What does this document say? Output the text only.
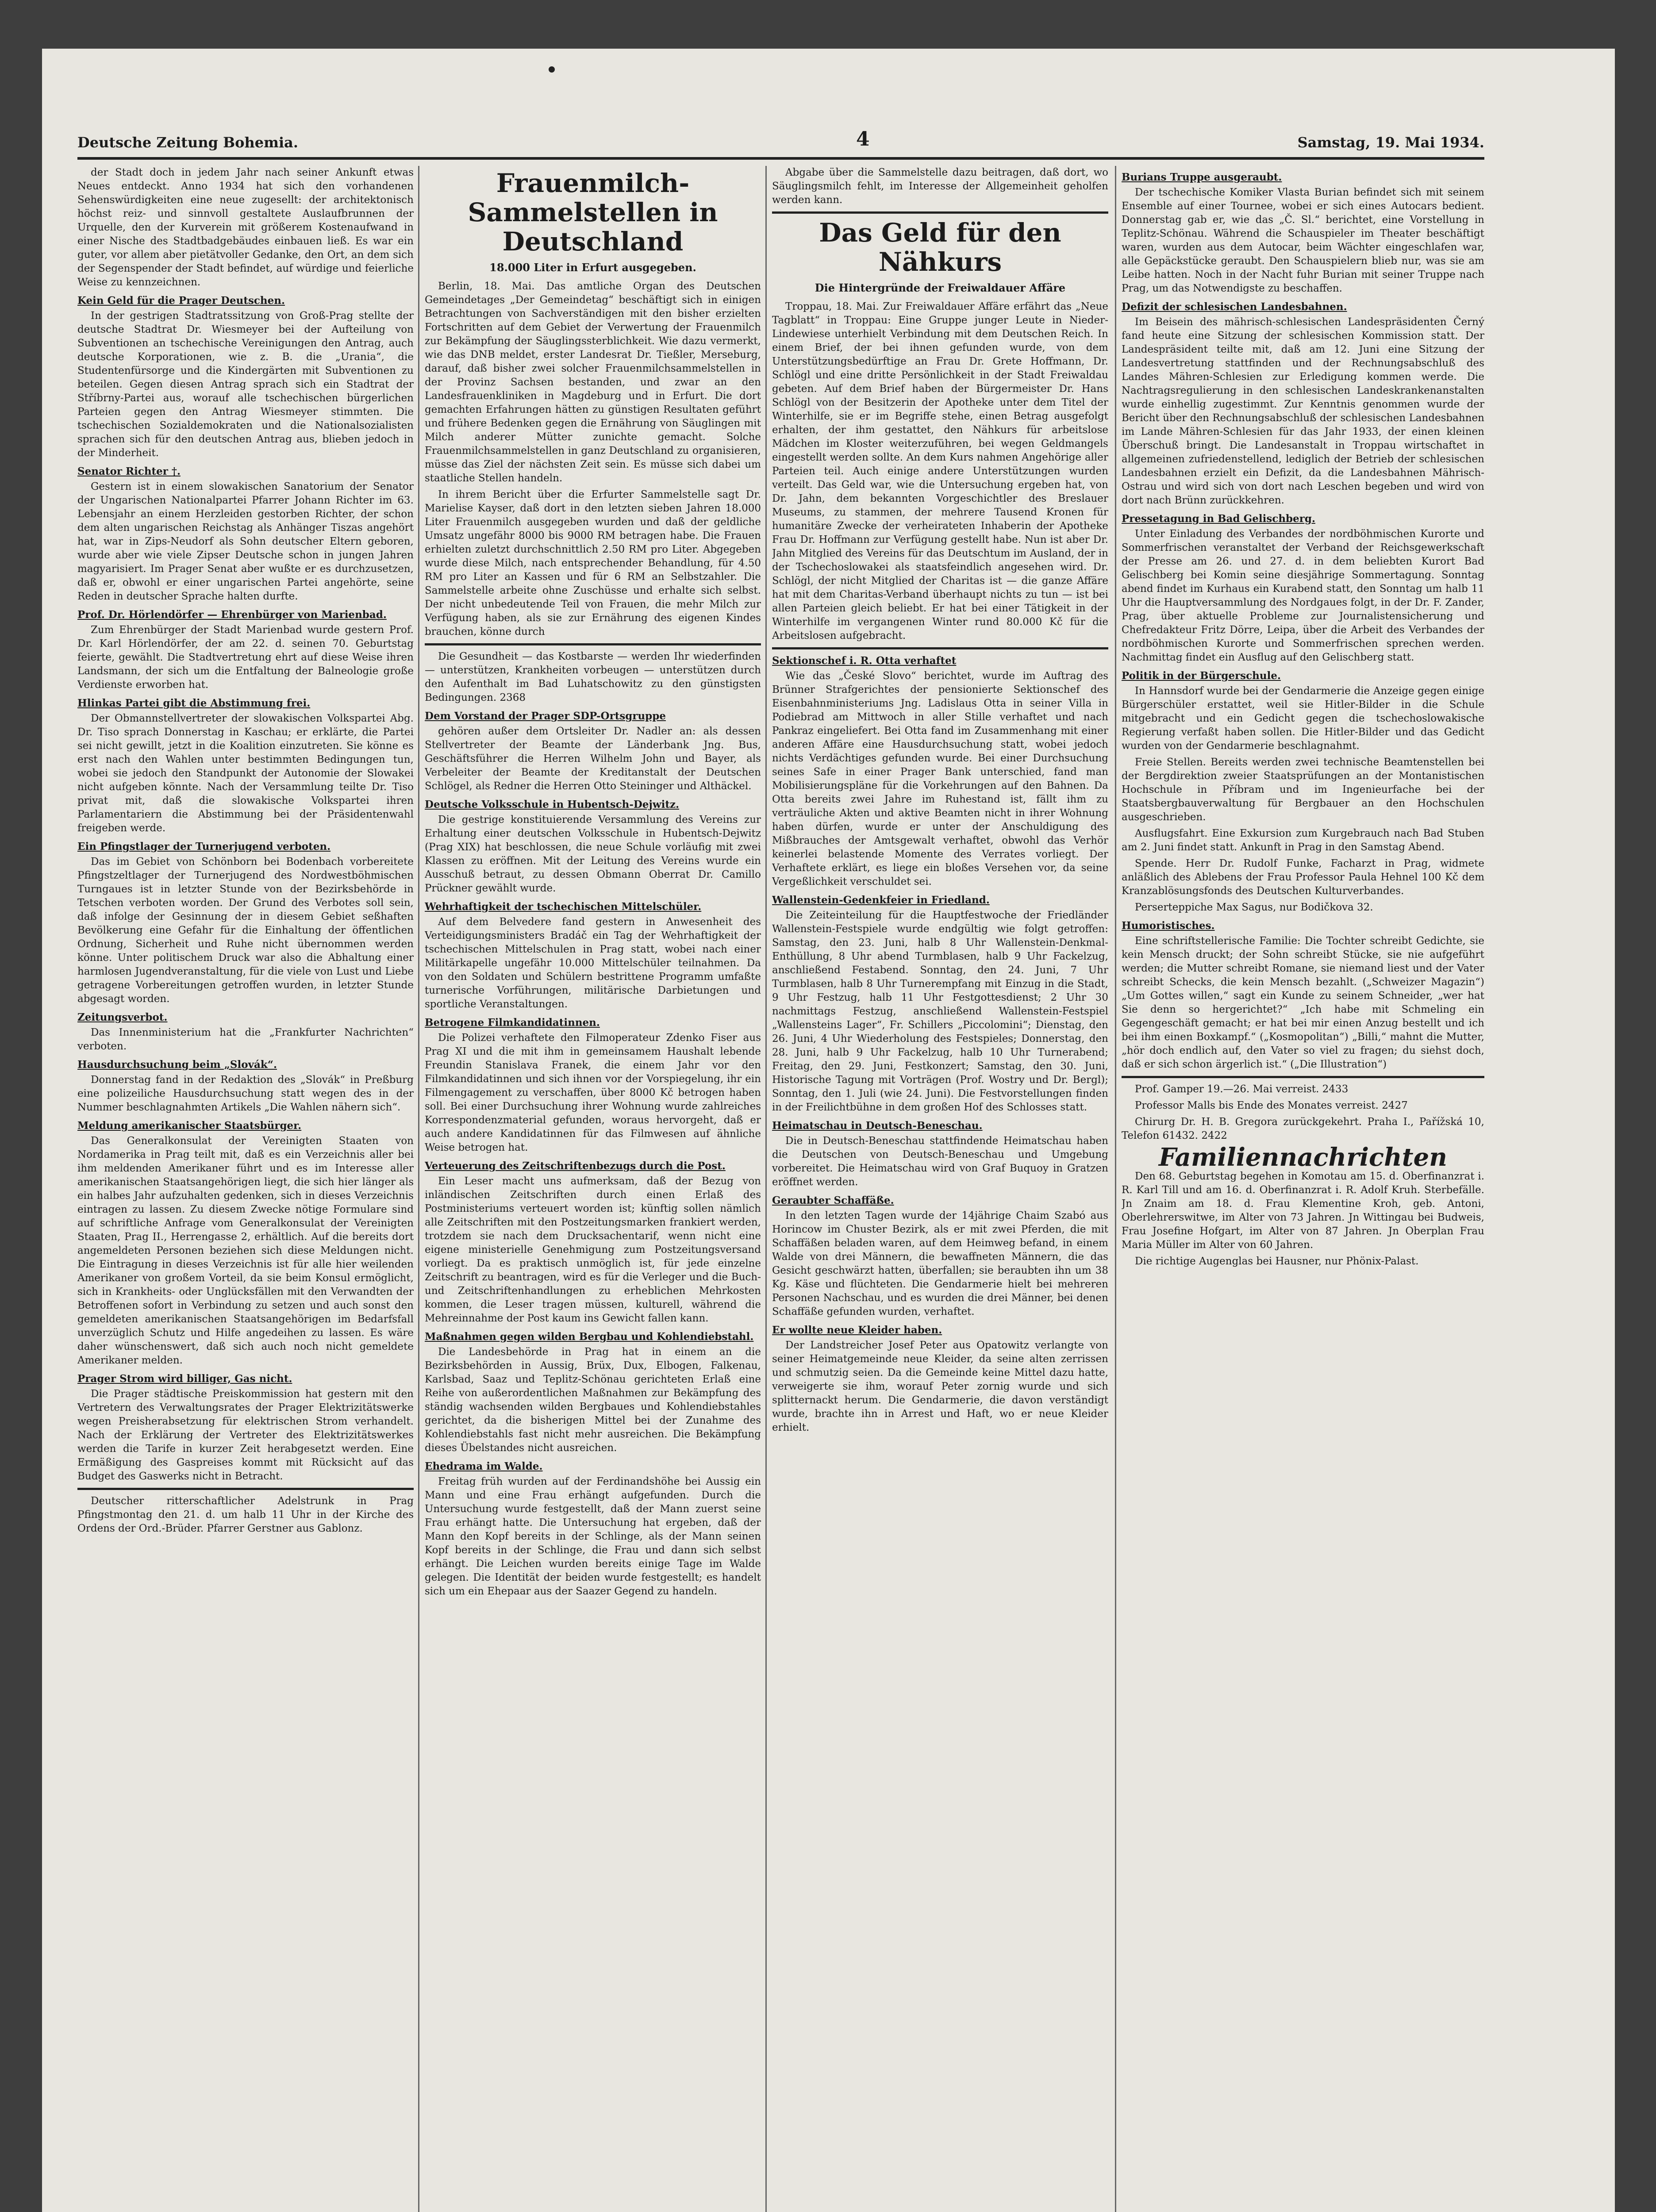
Deutsche Zeitung Bohemia.	4	Samstag, 19. Mai 1934.

der Stadt doch in jedem Jahr nach seiner Ankunft etwas Neues entdeckt. Anno 1934 hat sich den vorhandenen Sehenswürdigkeiten eine neue zugesellt: der architektonisch höchst reiz- und sinnvoll gestaltete Auslaufbrunnen der Urquelle, den der Kurverein mit größerem Kostenaufwand in einer Nische des Stadtbadgebäudes einbauen ließ. Es war ein guter, vor allem aber pietätvoller Gedanke, den Ort, an dem sich der Segenspender der Stadt befindet, auf würdige und feierliche Weise zu kennzeichnen.

Kein Geld für die Prager Deutschen.

In der gestrigen Stadtratssitzung von Groß-Prag stellte der deutsche Stadtrat Dr. Wiesmeyer bei der Aufteilung von Subventionen an tschechische Vereinigungen den Antrag, auch deutsche Korporationen, wie z. B. die „Urania“, die Studentenfürsorge und die Kindergärten mit Subventionen zu beteilen. Gegen diesen Antrag sprach sich ein Stadtrat der Stříbrny-Partei aus, worauf alle tschechischen bürgerlichen Parteien gegen den Antrag Wiesmeyer stimmten. Die tschechischen Sozialdemokraten und die Nationalsozialisten sprachen sich für den deutschen Antrag aus, blieben jedoch in der Minderheit.

Senator Richter †.

Gestern ist in einem slowakischen Sanatorium der Senator der Ungarischen Nationalpartei Pfarrer Johann Richter im 63. Lebensjahr an einem Herzleiden gestorben Richter, der schon dem alten ungarischen Reichstag als Anhänger Tiszas angehört hat, war in Zips-Neudorf als Sohn deutscher Eltern geboren, wurde aber wie viele Zipser Deutsche schon in jungen Jahren magyarisiert. Im Prager Senat aber wußte er es durchzusetzen, daß er, obwohl er einer ungarischen Partei angehörte, seine Reden in deutscher Sprache halten durfte.

Prof. Dr. Hörlendörfer — Ehrenbürger von Marienbad.

Zum Ehrenbürger der Stadt Marienbad wurde gestern Prof. Dr. Karl Hörlendörfer, der am 22. d. seinen 70. Geburtstag feierte, gewählt. Die Stadtvertretung ehrt auf diese Weise ihren Landsmann, der sich um die Entfaltung der Balneologie große Verdienste erworben hat.

Hlinkas Partei gibt die Abstimmung frei.

Der Obmannstellvertreter der slowakischen Volkspartei Abg. Dr. Tiso sprach Donnerstag in Kaschau; er erklärte, die Partei sei nicht gewillt, jetzt in die Koalition einzutreten. Sie könne es erst nach den Wahlen unter bestimmten Bedingungen tun, wobei sie jedoch den Standpunkt der Autonomie der Slowakei nicht aufgeben könnte. Nach der Versammlung teilte Dr. Tiso privat mit, daß die slowakische Volkspartei ihren Parlamentariern die Abstimmung bei der Präsidentenwahl freigeben werde.

Ein Pfingstlager der Turnerjugend verboten.

Das im Gebiet von Schönborn bei Bodenbach vorbereitete Pfingstzeltlager der Turnerjugend des Nordwestböhmischen Turngaues ist in letzter Stunde von der Bezirksbehörde in Tetschen verboten worden. Der Grund des Verbotes soll sein, daß infolge der Gesinnung der in diesem Gebiet seßhaften Bevölkerung eine Gefahr für die Einhaltung der öffentlichen Ordnung, Sicherheit und Ruhe nicht übernommen werden könne. Unter politischem Druck war also die Abhaltung einer harmlosen Jugendveranstaltung, für die viele von Lust und Liebe getragene Vorbereitungen getroffen wurden, in letzter Stunde abgesagt worden.

Zeitungsverbot.

Das Innenministerium hat die „Frankfurter Nachrichten“ verboten.

Hausdurchsuchung beim „Slovák“.

Donnerstag fand in der Redaktion des „Slovák“ in Preßburg eine polizeiliche Hausdurchsuchung statt wegen des in der Nummer beschlagnahmten Artikels „Die Wahlen nähern sich“.

Meldung amerikanischer Staatsbürger.

Das Generalkonsulat der Vereinigten Staaten von Nordamerika in Prag teilt mit, daß es ein Verzeichnis aller bei ihm meldenden Amerikaner führt und es im Interesse aller amerikanischen Staatsangehörigen liegt, die sich hier länger als ein halbes Jahr aufzuhalten gedenken, sich in dieses Verzeichnis eintragen zu lassen. Zu diesem Zwecke nötige Formulare sind auf schriftliche Anfrage vom Generalkonsulat der Vereinigten Staaten, Prag II., Herrengasse 2, erhältlich. Auf die bereits dort angemeldeten Personen beziehen sich diese Meldungen nicht. Die Eintragung in dieses Verzeichnis ist für alle hier weilenden Amerikaner von großem Vorteil, da sie beim Konsul ermöglicht, sich in Krankheits- oder Unglücksfällen mit den Verwandten der Betroffenen sofort in Verbindung zu setzen und auch sonst den gemeldeten amerikanischen Staatsangehörigen im Bedarfsfall unverzüglich Schutz und Hilfe angedeihen zu lassen. Es wäre daher wünschenswert, daß sich auch noch nicht gemeldete Amerikaner melden.

Prager Strom wird billiger, Gas nicht.

Die Prager städtische Preiskommission hat gestern mit den Vertretern des Verwaltungsrates der Prager Elektrizitätswerke wegen Preisherabsetzung für elektrischen Strom verhandelt. Nach der Erklärung der Vertreter des Elektrizitätswerkes werden die Tarife in kurzer Zeit herabgesetzt werden. Eine Ermäßigung des Gaspreises kommt mit Rücksicht auf das Budget des Gaswerks nicht in Betracht.

Deutscher ritterschaftlicher Adelstrunk in Prag Pfingstmontag den 21. d. um halb 11 Uhr in der Kirche des Ordens der Ord.-Brüder. Pfarrer Gerstner aus Gablonz.

Frauenmilch-Sammelstellen in Deutschland
18.000 Liter in Erfurt ausgegeben.

Berlin, 18. Mai. Das amtliche Organ des Deutschen Gemeindetages „Der Gemeindetag“ beschäftigt sich in einigen Betrachtungen von Sachverständigen mit den bisher erzielten Fortschritten auf dem Gebiet der Verwertung der Frauenmilch zur Bekämpfung der Säuglingssterblichkeit. Wie dazu vermerkt, wie das DNB meldet, erster Landesrat Dr. Tießler, Merseburg, darauf, daß bisher zwei solcher Frauenmilchsammelstellen in der Provinz Sachsen bestanden, und zwar an den Landesfrauenkliniken in Magdeburg und in Erfurt. Die dort gemachten Erfahrungen hätten zu günstigen Resultaten geführt und frühere Bedenken gegen die Ernährung von Säuglingen mit Milch anderer Mütter zunichte gemacht. Solche Frauenmilchsammelstellen in ganz Deutschland zu organisieren, müsse das Ziel der nächsten Zeit sein. Es müsse sich dabei um staatliche Stellen handeln.

In ihrem Bericht über die Erfurter Sammelstelle sagt Dr. Marielise Kayser, daß dort in den letzten sieben Jahren 18.000 Liter Frauenmilch ausgegeben wurden und daß der geldliche Umsatz ungefähr 8000 bis 9000 RM betragen habe. Die Frauen erhielten zuletzt durchschnittlich 2.50 RM pro Liter. Abgegeben wurde diese Milch, nach entsprechender Behandlung, für 4.50 RM pro Liter an Kassen und für 6 RM an Selbstzahler. Die Sammelstelle arbeite ohne Zuschüsse und erhalte sich selbst. Der nicht unbedeutende Teil von Frauen, die mehr Milch zur Verfügung haben, als sie zur Ernährung des eigenen Kindes brauchen, könne durch

Die Gesundheit — das Kostbarste — werden Ihr wiederfinden — unterstützen, Krankheiten vorbeugen — unterstützen durch den Aufenthalt im Bad Luhatschowitz zu den günstigsten Bedingungen. 2368

Dem Vorstand der Prager SDP-Ortsgruppe

gehören außer dem Ortsleiter Dr. Nadler an: als dessen Stellvertreter der Beamte der Länderbank Jng. Bus, Geschäftsführer die Herren Wilhelm John und Bayer, als Verbeleiter der Beamte der Kreditanstalt der Deutschen Schlögel, als Redner die Herren Otto Steininger und Althäckel.

Deutsche Volksschule in Hubentsch-Dejwitz.

Die gestrige konstituierende Versammlung des Vereins zur Erhaltung einer deutschen Volksschule in Hubentsch-Dejwitz (Prag XIX) hat beschlossen, die neue Schule vorläufig mit zwei Klassen zu eröffnen. Mit der Leitung des Vereins wurde ein Ausschuß betraut, zu dessen Obmann Oberrat Dr. Camillo Prückner gewählt wurde.

Wehrhaftigkeit der tschechischen Mittelschüler.

Auf dem Belvedere fand gestern in Anwesenheit des Verteidigungsministers Bradáč ein Tag der Wehrhaftigkeit der tschechischen Mittelschulen in Prag statt, wobei nach einer Militärkapelle ungefähr 10.000 Mittelschüler teilnahmen. Da von den Soldaten und Schülern bestrittene Programm umfaßte turnerische Vorführungen, militärische Darbietungen und sportliche Veranstaltungen.

Betrogene Filmkandidatinnen.

Die Polizei verhaftete den Filmoperateur Zdenko Fiser aus Prag XI und die mit ihm in gemeinsamem Haushalt lebende Freundin Stanislava Franek, die einem Jahr vor den Filmkandidatinnen und sich ihnen vor der Vorspiegelung, ihr ein Filmengagement zu verschaffen, über 8000 Kč betrogen haben soll. Bei einer Durchsuchung ihrer Wohnung wurde zahlreiches Korrespondenzmaterial gefunden, woraus hervorgeht, daß er auch andere Kandidatinnen für das Filmwesen auf ähnliche Weise betrogen hat.

Verteuerung des Zeitschriftenbezugs durch die Post.

Ein Leser macht uns aufmerksam, daß der Bezug von inländischen Zeitschriften durch einen Erlaß des Postministeriums verteuert worden ist; künftig sollen nämlich alle Zeitschriften mit den Postzeitungsmarken frankiert werden, trotzdem sie nach dem Drucksachentarif, wenn nicht eine eigene ministerielle Genehmigung zum Postzeitungsversand vorliegt. Da es praktisch unmöglich ist, für jede einzelne Zeitschrift zu beantragen, wird es für die Verleger und die Buch- und Zeitschriftenhandlungen zu erheblichen Mehrkosten kommen, die Leser tragen müssen, kulturell, während die Mehreinnahme der Post kaum ins Gewicht fallen kann.

Maßnahmen gegen wilden Bergbau und Kohlendiebstahl.

Die Landesbehörde in Prag hat in einem an die Bezirksbehörden in Aussig, Brüx, Dux, Elbogen, Falkenau, Karlsbad, Saaz und Teplitz-Schönau gerichteten Erlaß eine Reihe von außerordentlichen Maßnahmen zur Bekämpfung des ständig wachsenden wilden Bergbaues und Kohlendiebstahles gerichtet, da die bisherigen Mittel bei der Zunahme des Kohlendiebstahls fast nicht mehr ausreichen. Die Bekämpfung dieses Übelstandes nicht ausreichen.

Ehedrama im Walde.

Freitag früh wurden auf der Ferdinandshöhe bei Aussig ein Mann und eine Frau erhängt aufgefunden. Durch die Untersuchung wurde festgestellt, daß der Mann zuerst seine Frau erhängt hatte. Die Untersuchung hat ergeben, daß der Mann den Kopf bereits in der Schlinge, als der Mann seinen Kopf bereits in der Schlinge, die Frau und dann sich selbst erhängt. Die Leichen wurden bereits einige Tage im Walde gelegen. Die Identität der beiden wurde festgestellt; es handelt sich um ein Ehepaar aus der Saazer Gegend zu handeln.

Abgabe über die Sammelstelle dazu beitragen, daß dort, wo Säuglingsmilch fehlt, im Interesse der Allgemeinheit geholfen werden kann.

Das Geld für den Nähkurs
Die Hintergründe der Freiwaldauer Affäre

Troppau, 18. Mai. Zur Freiwaldauer Affäre erfährt das „Neue Tagblatt“ in Troppau: Eine Gruppe junger Leute in Nieder-Lindewiese unterhielt Verbindung mit dem Deutschen Reich. In einem Brief, der bei ihnen gefunden wurde, von dem Unterstützungsbedürftige an Frau Dr. Grete Hoffmann, Dr. Schlögl und eine dritte Persönlichkeit in der Stadt Freiwaldau gebeten. Auf dem Brief haben der Bürgermeister Dr. Hans Schlögl von der Besitzerin der Apotheke unter dem Titel der Winterhilfe, sie er im Begriffe stehe, einen Betrag ausgefolgt erhalten, der ihm gestattet, den Nähkurs für arbeitslose Mädchen im Kloster weiterzuführen, bei wegen Geldmangels eingestellt werden sollte. An dem Kurs nahmen Angehörige aller Parteien teil. Auch einige andere Unterstützungen wurden verteilt. Das Geld war, wie die Untersuchung ergeben hat, von Dr. Jahn, dem bekannten Vorgeschichtler des Breslauer Museums, zu stammen, der mehrere Tausend Kronen für humanitäre Zwecke der verheirateten Inhaberin der Apotheke Frau Dr. Hoffmann zur Verfügung gestellt habe. Nun ist aber Dr. Jahn Mitglied des Vereins für das Deutschtum im Ausland, der in der Tschechoslowakei als staatsfeindlich angesehen wird. Dr. Schlögl, der nicht Mitglied der Charitas ist — die ganze Affäre hat mit dem Charitas-Verband überhaupt nichts zu tun — ist bei allen Parteien gleich beliebt. Er hat bei einer Tätigkeit in der Winterhilfe im vergangenen Winter rund 80.000 Kč für die Arbeitslosen aufgebracht.

Sektionschef i. R. Otta verhaftet

Wie das „České Slovo“ berichtet, wurde im Auftrag des Brünner Strafgerichtes der pensionierte Sektionschef des Eisenbahnministeriums Jng. Ladislaus Otta in seiner Villa in Podiebrad am Mittwoch in aller Stille verhaftet und nach Pankraz eingeliefert. Bei Otta fand im Zusammenhang mit einer anderen Affäre eine Hausdurchsuchung statt, wobei jedoch nichts Verdächtiges gefunden wurde. Bei einer Durchsuchung seines Safe in einer Prager Bank unterschied, fand man Mobilisierungspläne für die Vorkehrungen auf den Bahnen. Da Otta bereits zwei Jahre im Ruhestand ist, fällt ihm zu verträuliche Akten und aktive Beamten nicht in ihrer Wohnung haben dürfen, wurde er unter der Anschuldigung des Mißbrauches der Amtsgewalt verhaftet, obwohl das Verhör keinerlei belastende Momente des Verrates vorliegt. Der Verhaftete erklärt, es liege ein bloßes Versehen vor, da seine Vergeßlichkeit verschuldet sei.

Wallenstein-Gedenkfeier in Friedland.

Die Zeiteinteilung für die Hauptfestwoche der Friedländer Wallenstein-Festspiele wurde endgültig wie folgt getroffen: Samstag, den 23. Juni, halb 8 Uhr Wallenstein-Denkmal-Enthüllung, 8 Uhr abend Turmblasen, halb 9 Uhr Fackelzug, anschließend Festabend. Sonntag, den 24. Juni, 7 Uhr Turmblasen, halb 8 Uhr Turnerempfang mit Einzug in die Stadt, 9 Uhr Festzug, halb 11 Uhr Festgottesdienst; 2 Uhr 30 nachmittags Festzug, anschließend Wallenstein-Festspiel „Wallensteins Lager“, Fr. Schillers „Piccolomini“; Dienstag, den 26. Juni, 4 Uhr Wiederholung des Festspieles; Donnerstag, den 28. Juni, halb 9 Uhr Fackelzug, halb 10 Uhr Turnerabend; Freitag, den 29. Juni, Festkonzert; Samstag, den 30. Juni, Historische Tagung mit Vorträgen (Prof. Wostry und Dr. Bergl); Sonntag, den 1. Juli (wie 24. Juni). Die Festvorstellungen finden in der Freilichtbühne in dem großen Hof des Schlosses statt.

Heimatschau in Deutsch-Beneschau.

Die in Deutsch-Beneschau stattfindende Heimatschau haben die Deutschen von Deutsch-Beneschau und Umgebung vorbereitet. Die Heimatschau wird von Graf Buquoy in Gratzen eröffnet werden.

Geraubter Schaffäße.

In den letzten Tagen wurde der 14jährige Chaim Szabó aus Horincow im Chuster Bezirk, als er mit zwei Pferden, die mit Schaffäßen beladen waren, auf dem Heimweg befand, in einem Walde von drei Männern, die bewaffneten Männern, die das Gesicht geschwärzt hatten, überfallen; sie beraubten ihn um 38 Kg. Käse und flüchteten. Die Gendarmerie hielt bei mehreren Personen Nachschau, und es wurden die drei Männer, bei denen Schaffäße gefunden wurden, verhaftet.

Er wollte neue Kleider haben.

Der Landstreicher Josef Peter aus Opatowitz verlangte von seiner Heimatgemeinde neue Kleider, da seine alten zerrissen und schmutzig seien. Da die Gemeinde keine Mittel dazu hatte, verweigerte sie ihm, worauf Peter zornig wurde und sich splitternackt herum. Die Gendarmerie, die davon verständigt wurde, brachte ihn in Arrest und Haft, wo er neue Kleider erhielt.

Burians Truppe ausgeraubt.

Der tschechische Komiker Vlasta Burian befindet sich mit seinem Ensemble auf einer Tournee, wobei er sich eines Autocars bedient. Donnerstag gab er, wie das „Č. Sl.“ berichtet, eine Vorstellung in Teplitz-Schönau. Während die Schauspieler im Theater beschäftigt waren, wurden aus dem Autocar, beim Wächter eingeschlafen war, alle Gepäckstücke geraubt. Den Schauspielern blieb nur, was sie am Leibe hatten. Noch in der Nacht fuhr Burian mit seiner Truppe nach Prag, um das Notwendigste zu beschaffen.

Defizit der schlesischen Landesbahnen.

Im Beisein des mährisch-schlesischen Landespräsidenten Černý fand heute eine Sitzung der schlesischen Kommission statt. Der Landespräsident teilte mit, daß am 12. Juni eine Sitzung der Landesvertretung stattfinden und der Rechnungsabschluß des Landes Mähren-Schlesien zur Erledigung kommen werde. Die Nachtragsregulierung in den schlesischen Landeskrankenanstalten wurde einhellig zugestimmt. Zur Kenntnis genommen wurde der Bericht über den Rechnungsabschluß der schlesischen Landesbahnen im Lande Mähren-Schlesien für das Jahr 1933, der einen kleinen Überschuß bringt. Die Landesanstalt in Troppau wirtschaftet in allgemeinen zufriedenstellend, lediglich der Betrieb der schlesischen Landesbahnen erzielt ein Defizit, da die Landesbahnen Mährisch-Ostrau und wird sich von dort nach Leschen begeben und wird von dort nach Brünn zurückkehren.

Pressetagung in Bad Gelischberg.

Unter Einladung des Verbandes der nordböhmischen Kurorte und Sommerfrischen veranstaltet der Verband der Reichsgewerkschaft der Presse am 26. und 27. d. in dem beliebten Kurort Bad Gelischberg bei Komin seine diesjährige Sommertagung. Sonntag abend findet im Kurhaus ein Kurabend statt, den Sonntag um halb 11 Uhr die Hauptversammlung des Nordgaues folgt, in der Dr. F. Zander, Prag, über aktuelle Probleme zur Journalistensicherung und Chefredakteur Fritz Dörre, Leipa, über die Arbeit des Verbandes der nordböhmischen Kurorte und Sommerfrischen sprechen werden. Nachmittag findet ein Ausflug auf den Gelischberg statt.

Politik in der Bürgerschule.

In Hannsdorf wurde bei der Gendarmerie die Anzeige gegen einige Bürgerschüler erstattet, weil sie Hitler-Bilder in die Schule mitgebracht und ein Gedicht gegen die tschechoslowakische Regierung verfaßt haben sollen. Die Hitler-Bilder und das Gedicht wurden von der Gendarmerie beschlagnahmt.

Freie Stellen. Bereits werden zwei technische Beamtenstellen bei der Bergdirektion zweier Staatsprüfungen an der Montanistischen Hochschule in Příbram und im Ingenieurfache bei der Staatsbergbauverwaltung für Bergbauer an den Hochschulen ausgeschrieben.

Ausflugsfahrt. Eine Exkursion zum Kurgebrauch nach Bad Stuben am 2. Juni findet statt. Ankunft in Prag in den Samstag Abend.

Spende. Herr Dr. Rudolf Funke, Facharzt in Prag, widmete anläßlich des Ablebens der Frau Professor Paula Hehnel 100 Kč dem Kranzablösungsfonds des Deutschen Kulturverbandes.

Perserteppiche Max Sagus, nur Bodičkova 32.

Humoristisches.

Eine schriftstellerische Familie: Die Tochter schreibt Gedichte, sie kein Mensch druckt; der Sohn schreibt Stücke, sie nie aufgeführt werden; die Mutter schreibt Romane, sie niemand liest und der Vater schreibt Schecks, die kein Mensch bezahlt. („Schweizer Magazin“) „Um Gottes willen,“ sagt ein Kunde zu seinem Schneider, „wer hat Sie denn so hergerichtet?“ „Ich habe mit Schmeling ein Gegengeschäft gemacht; er hat bei mir einen Anzug bestellt und ich bei ihm einen Boxkampf.“ („Kosmopolitan“) „Billi,“ mahnt die Mutter, „hör doch endlich auf, den Vater so viel zu fragen; du siehst doch, daß er sich schon ärgerlich ist.“ („Die Illustration“)

Prof. Gamper 19.—26. Mai verreist. 2433

Professor Malls bis Ende des Monates verreist. 2427

Chirurg Dr. H. B. Gregora zurückgekehrt. Praha I., Pařížská 10, Telefon 61432. 2422

Familiennachrichten

Den 68. Geburtstag begehen in Komotau am 15. d. Oberfinanzrat i. R. Karl Till und am 16. d. Oberfinanzrat i. R. Adolf Kruh. Sterbefälle. Jn Znaim am 18. d. Frau Klementine Kroh, geb. Antoni, Oberlehrerswitwe, im Alter von 73 Jahren. Jn Wittingau bei Budweis, Frau Josefine Hofgart, im Alter von 87 Jahren. Jn Oberplan Frau Maria Müller im Alter von 60 Jahren.

Die richtige Augenglas bei Hausner, nur Phönix-Palast.
